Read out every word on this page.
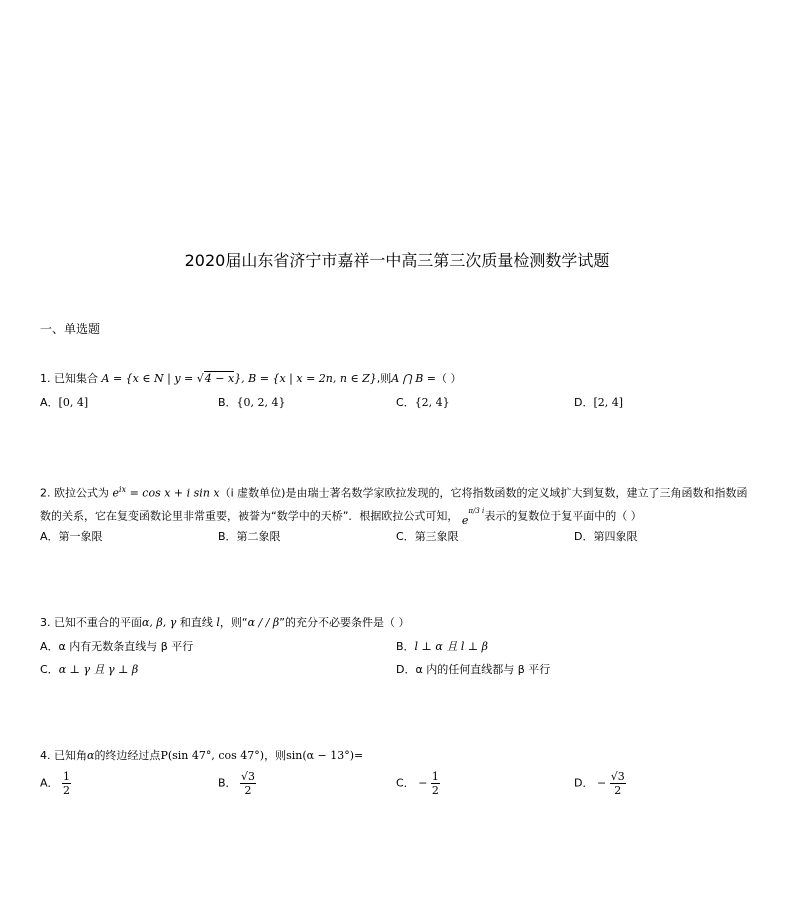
2020届山东省济宁市嘉祥一中高三第三次质量检测数学试题
一、单选题
1. 已知集合 A = {x ∈ N | y = √4 − x}, B = {x | x = 2n, n ∈ Z},则A ⋂ B =（ ）
A．[0, 4]	B．{0, 2, 4}	C．{2, 4}	D．[2, 4]
2. 欧拉公式为 $e^{ix} = \cos x + i$ sin x（i 虚数单位)是由瑞士著名数学家欧拉发现的，它将指数函数的定义域扩大到复数，建立了三角函数和指数函
数的关系，它在复变函数论里非常重要，被誉为“数学中的天桥”．根据欧拉公式可知， $e^{\pi/3 i}$表示的复数位于复平面中的（ ）
A．第一象限	B．第二象限	C．第三象限	D．第四象限
3. 已知不重合的平面α, β, γ 和直线 l，则“α / / β”的充分不必要条件是（ ）
A．α 内有无数条直线与 β 平行	B．l ⊥ α 且 l ⊥ β
C．α ⊥ γ 且 γ ⊥ β	D．α 内的任何直线都与 β 平行
4. 已知角α的终边经过点P(sin 47°, cos 47°)，则sin(α − 13°)=
A． $\frac{1}{2}$	B． $\frac{√3}{2}$	C． − $\frac{1}{2}$	D． − $\frac{√3}{2}$
